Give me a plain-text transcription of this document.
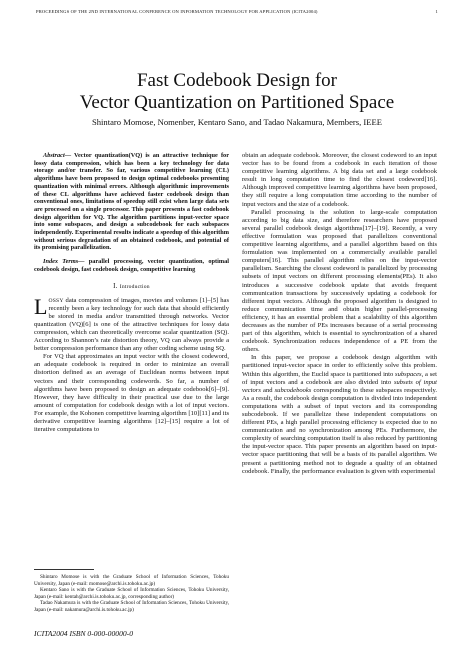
PROCEEDINGS OF THE 2ND INTERNATIONAL CONFERENCE ON INFORMATION TECHNOLOGY FOR APPLICATION (ICITA2004)	1
Fast Codebook Design for
Vector Quantization on Partitioned Space
Shintaro Momose, Nomenber, Kentaro Sano, and Tadao Nakamura, Members, IEEE

Abstract— Vector quantization(VQ) is an attractive technique for lossy data compression, which has been a key technology for data storage and/or transfer. So far, various competitive learning (CL) algorithms have been proposed to design optimal codebooks presenting quantization with minimal errors. Although algorithmic improvements of these CL algorithms have achieved faster codebook design than conventional ones, limitations of speedup still exist when large data sets are processed on a single processor. This paper presents a fast codebook design algorithm for VQ. The algorithm partitions input-vector space into some subspaces, and design a subcodebook for each subspaces independently. Experimental results indicate a speedup of this algorithm without serious degradation of an obtained codebook, and potential of its promising parallelization.

Index Terms— parallel processing, vector quantization, optimal codebook design, fast codebook design, competitive learning

I. Introduction

LOSSY data compression of images, movies and volumes [1]–[5] has recently been a key technology for such data that should efficiently be stored in media and/or transmitted through networks. Vector quantization (VQ)[6] is one of the attractive techniques for lossy data compression, which can theoretically overcome scalar quantization (SQ). According to Shannon’s rate distortion theory, VQ can always provide a better compression performance than any other coding scheme using SQ.

For VQ that approximates an input vector with the closest codeword, an adequate codebook is required in order to minimize an overall distortion defined as an average of Euclidean norms between input vectors and their corresponding codewords. So far, a number of algorithms have been proposed to design an adequate codebook[6]–[9]. However, they have difficulty in their practical use due to the large amount of computation for codebook design with a lot of input vectors. For example, the Kohonen competitive learning algorithm [10][11] and its derivative competitive learning algorithms [12]–[15] require a lot of iterative computations to

obtain an adequate codebook. Moreover, the closest codeword to an input vector has to be found from a codebook in each iteration of those competitive learning algorithms. A big data set and a large codebook result in long computation time to find the closest codeword[16]. Although improved competitive learning algorithms have been proposed, they still require a long computation time according to the number of input vectors and the size of a codebook.

Parallel processing is the solution to large-scale computation according to big data size, and therefore researchers have proposed several parallel codebook design algorithms[17]–[19]. Recently, a very effective formulation was proposed that parallelizes conventional competitive learning algorithms, and a parallel algorithm based on this formulation was implemented on a commercially available parallel computers[16]. This parallel algorithm relies on the input-vector parallelism. Searching the closest codeword is parallelized by processing subsets of input vectors on different processing elements(PEs). It also introduces a successive codebook update that avoids frequent communication transactions by successively updating a codebook for different input vectors. Although the proposed algorithm is designed to reduce communication time and obtain higher parallel-processing efficiency, it has an essential problem that a scalability of this algorithm decreases as the number of PEs increases because of a serial processing part of this algorithm, which is essential to synchronization of a shared codebook. Synchronization reduces independence of a PE from the others.

In this paper, we propose a codebook design algorithm with partitioned input-vector space in order to efficiently solve this problem. Within this algorithm, the Euclid space is partitioned into subspaces, a set of input vectors and a codebook are also divided into subsets of input vectors and subcodebooks corresponding to these subspaces respectively. As a result, the codebook design computation is divided into independent computations with a subset of input vectors and its corresponding subcodebook. If we parallelize these independent computations on different PEs, a high parallel processing efficiency is expected due to no communication and no synchronization among PEs. Furthermore, the complexity of searching computation itself is also reduced by partitioning the input-vector space. This paper presents an algorithm based on input-vector space partitioning that will be a basis of its parallel algorithm. We present a partitioning method not to degrade a quality of an obtained codebook. Finally, the performance evaluation is given with experimental

Shintaro Momose is with the Graduate School of Information Sciences, Tohoku University, Japan (e-mail: momose@archi.is.tohoku.ac.jp)

Kentaro Sano is with the Graduate School of Information Sciences, Tohoku University, Japan (e-mail: kentah@archi.is.tohoku.ac.jp, corresponding author)

Tadao Nakamura is with the Graduate School of Information Sciences, Tohoku University, Japan (e-mail: nakamura@archi.is.tohoku.ac.jp)

ICITA2004 ISBN 0-000-00000-0
